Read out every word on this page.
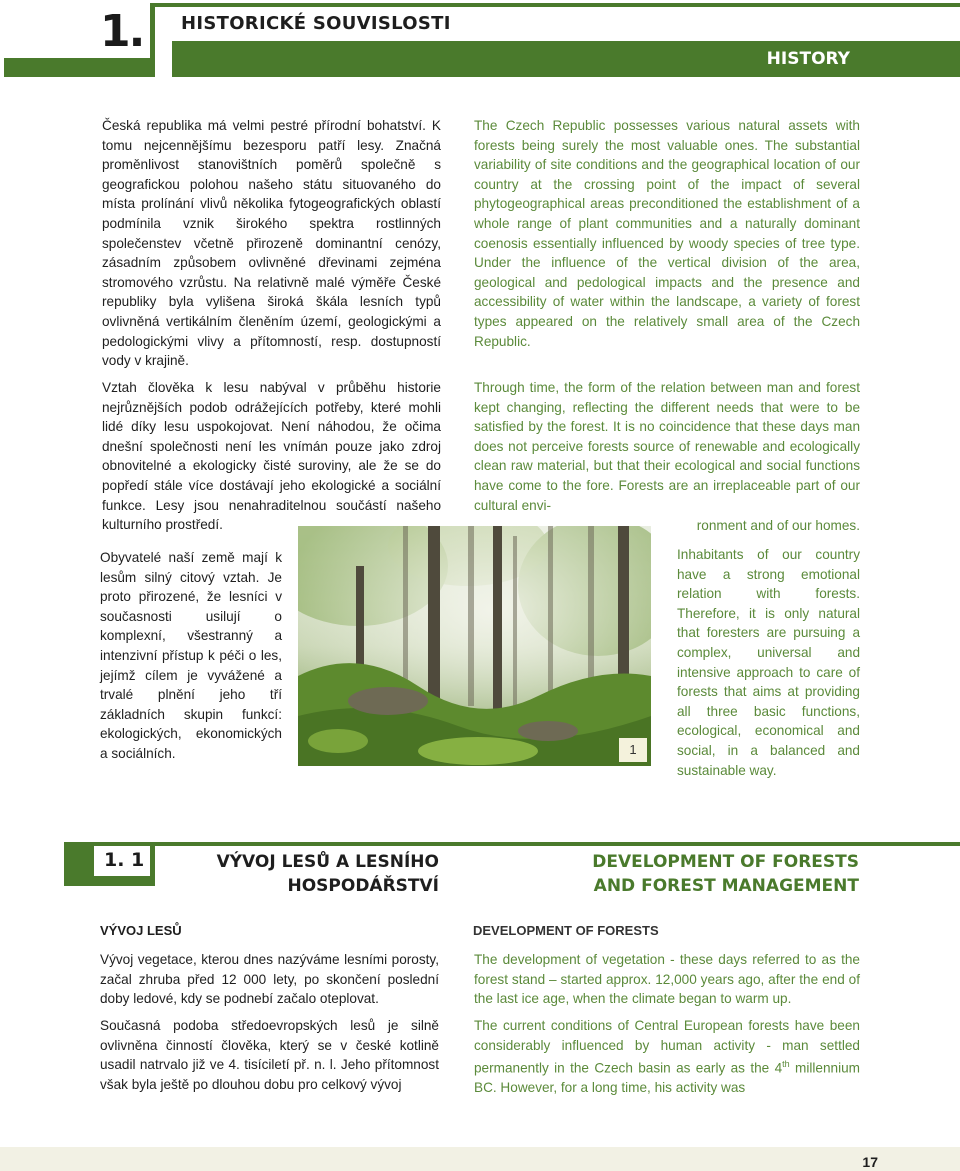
1. HISTORICKÉ SOUVISLOSTI
HISTORY

Česká republika má velmi pestré přírodní bohatství. K tomu nejcennějšímu bezesporu patří lesy. Značná proměnlivost stanovištních poměrů společně s geografickou polohou našeho státu situovaného do místa prolínání vlivů několika fytogeografických oblastí podmínila vznik širokého spektra rostlinných společenstev včetně přirozeně dominantní cenózy, zásadním způsobem ovlivněné dřevinami zejména stromového vzrůstu. Na relativně malé výměře České republiky byla vylišena široká škála lesních typů ovlivněná vertikálním členěním území, geologickými a pedologickými vlivy a přítomností, resp. dostupností vody v krajině.

Vztah člověka k lesu nabýval v průběhu historie nejrůznějších podob odrážejících potřeby, které mohli lidé díky lesu uspokojovat. Není náhodou, že očima dnešní společnosti není les vnímán pouze jako zdroj obnovitelné a ekologicky čisté suroviny, ale že se do popředí stále více dostávají jeho ekologické a sociální funkce. Lesy jsou nenahraditelnou součástí našeho kulturního prostředí.

Obyvatelé naší země mají k lesům silný citový vztah. Je proto přirozené, že lesníci v současnosti usilují o komplexní, všestranný a intenzivní přístup k péči o les, jejímž cílem je vyvážené a trvalé plnění jeho tří základních skupin funkcí: ekologických, ekonomických a sociálních.

The Czech Republic possesses various natural assets with forests being surely the most valuable ones. The substantial variability of site conditions and the geographical location of our country at the crossing point of the impact of several phytogeographical areas preconditioned the establishment of a whole range of plant communities and a naturally dominant coenosis essentially influenced by woody species of tree type. Under the influence of the vertical division of the area, geological and pedological impacts and the presence and accessibility of water within the landscape, a variety of forest types appeared on the relatively small area of the Czech Republic.

Through time, the form of the relation between man and forest kept changing, reflecting the different needs that were to be satisfied by the forest. It is no coincidence that these days man does not perceive forests source of renewable and ecologically clean raw material, but that their ecological and social functions have come to the fore. Forests are an irreplaceable part of our cultural envi-

ronment and of our homes.

Inhabitants of our country have a strong emotional relation with forests. Therefore, it is only natural that foresters are pursuing a complex, universal and intensive approach to care of forests that aims at providing all three basic functions, ecological, economical and social, in a balanced and sustainable way.

1
1. 1	VÝVOJ LESŮ A LESNÍHO
HOSPODÁŘSTVÍ
DEVELOPMENT OF FORESTS
AND FOREST MANAGEMENT
VÝVOJ LESŮ	DEVELOPMENT OF FORESTS

Vývoj vegetace, kterou dnes nazýváme lesními porosty, začal zhruba před 12 000 lety, po skončení poslední doby ledové, kdy se podnebí začalo oteplovat.

Současná podoba středoevropských lesů je silně ovlivněna činností člověka, který se v české kotlině usadil natrvalo již ve 4. tisíciletí př. n. l. Jeho přítomnost však byla ještě po dlouhou dobu pro celkový vývoj

The development of vegetation - these days referred to as the forest stand – started approx. 12,000 years ago, after the end of the last ice age, when the climate began to warm up.

The current conditions of Central European forests have been considerably influenced by human activity - man settled permanently in the Czech basin as early as the 4th millennium BC. However, for a long time, his activity was

17
